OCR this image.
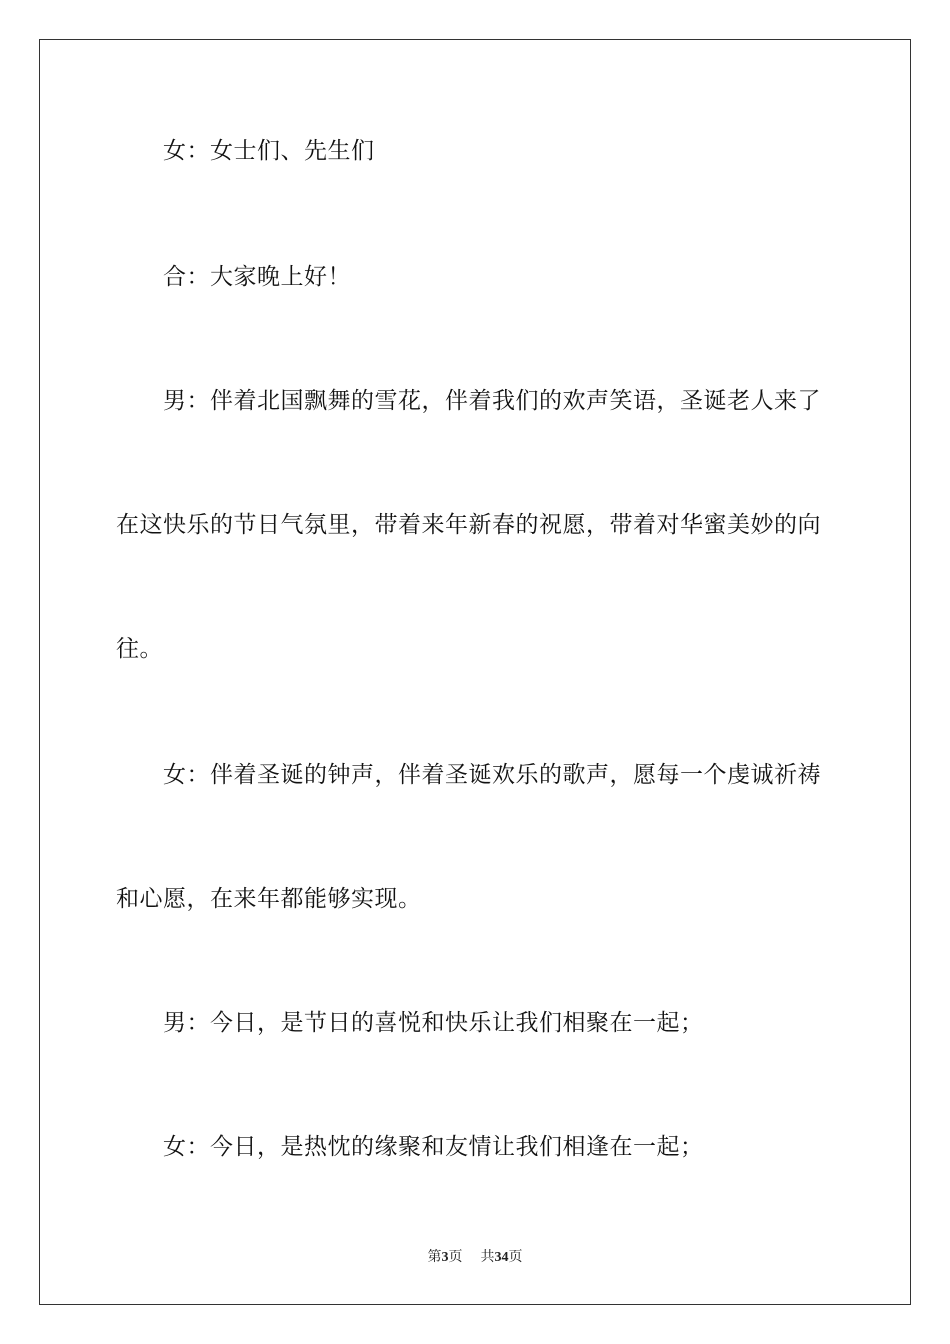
女：女士们、先生们
合：大家晚上好！
男：伴着北国飘舞的雪花，伴着我们的欢声笑语，圣诞老人来了
在这快乐的节日气氛里，带着来年新春的祝愿，带着对华蜜美妙的向
往。
女：伴着圣诞的钟声，伴着圣诞欢乐的歌声，愿每一个虔诚祈祷
和心愿，在来年都能够实现。
男：今日，是节日的喜悦和快乐让我们相聚在一起；
女：今日，是热忱的缘聚和友情让我们相逢在一起；
第3页 共34页
